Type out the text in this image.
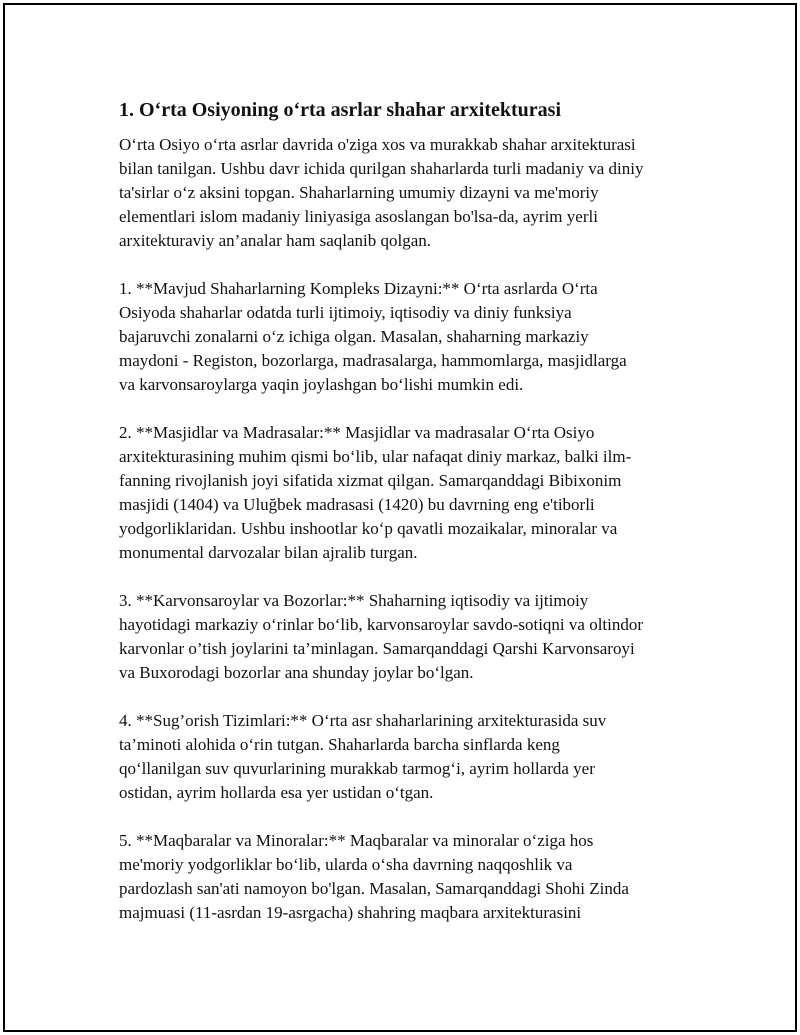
1. O‘rta Osiyoning o‘rta asrlar shahar arxitekturasi

O‘rta Osiyo o‘rta asrlar davrida o'ziga xos va murakkab shahar arxitekturasi
bilan tanilgan. Ushbu davr ichida qurilgan shaharlarda turli madaniy va diniy
ta'sirlar o‘z aksini topgan. Shaharlarning umumiy dizayni va me'moriy
elementlari islom madaniy liniyasiga asoslangan bo'lsa-da, ayrim yerli
arxitekturaviy an’analar ham saqlanib qolgan.

1. **Mavjud Shaharlarning Kompleks Dizayni:** O‘rta asrlarda O‘rta
Osiyoda shaharlar odatda turli ijtimoiy, iqtisodiy va diniy funksiya
bajaruvchi zonalarni o‘z ichiga olgan. Masalan, shaharning markaziy
maydoni - Registon, bozorlarga, madrasalarga, hammomlarga, masjidlarga
va karvonsaroylarga yaqin joylashgan bo‘lishi mumkin edi.

2. **Masjidlar va Madrasalar:** Masjidlar va madrasalar O‘rta Osiyo
arxitekturasining muhim qismi bo‘lib, ular nafaqat diniy markaz, balki ilm-
fanning rivojlanish joyi sifatida xizmat qilgan. Samarqanddagi Bibixonim
masjidi (1404) va Uluğbek madrasasi (1420) bu davrning eng e'tiborli
yodgorliklaridan. Ushbu inshootlar ko‘p qavatli mozaikalar, minoralar va
monumental darvozalar bilan ajralib turgan.

3. **Karvonsaroylar va Bozorlar:** Shaharning iqtisodiy va ijtimoiy
hayotidagi markaziy o‘rinlar bo‘lib, karvonsaroylar savdo-sotiqni va oltindor
karvonlar o’tish joylarini ta’minlagan. Samarqanddagi Qarshi Karvonsaroyi
va Buxorodagi bozorlar ana shunday joylar bo‘lgan.

4. **Sug’orish Tizimlari:** O‘rta asr shaharlarining arxitekturasida suv
ta’minoti alohida o‘rin tutgan. Shaharlarda barcha sinflarda keng
qo‘llanilgan suv quvurlarining murakkab tarmog‘i, ayrim hollarda yer
ostidan, ayrim hollarda esa yer ustidan o‘tgan.

5. **Maqbaralar va Minoralar:** Maqbaralar va minoralar o‘ziga hos
me'moriy yodgorliklar bo‘lib, ularda o‘sha davrning naqqoshlik va
pardozlash san'ati namoyon bo'lgan. Masalan, Samarqanddagi Shohi Zinda
majmuasi (11-asrdan 19-asrgacha) shahring maqbara arxitekturasini
